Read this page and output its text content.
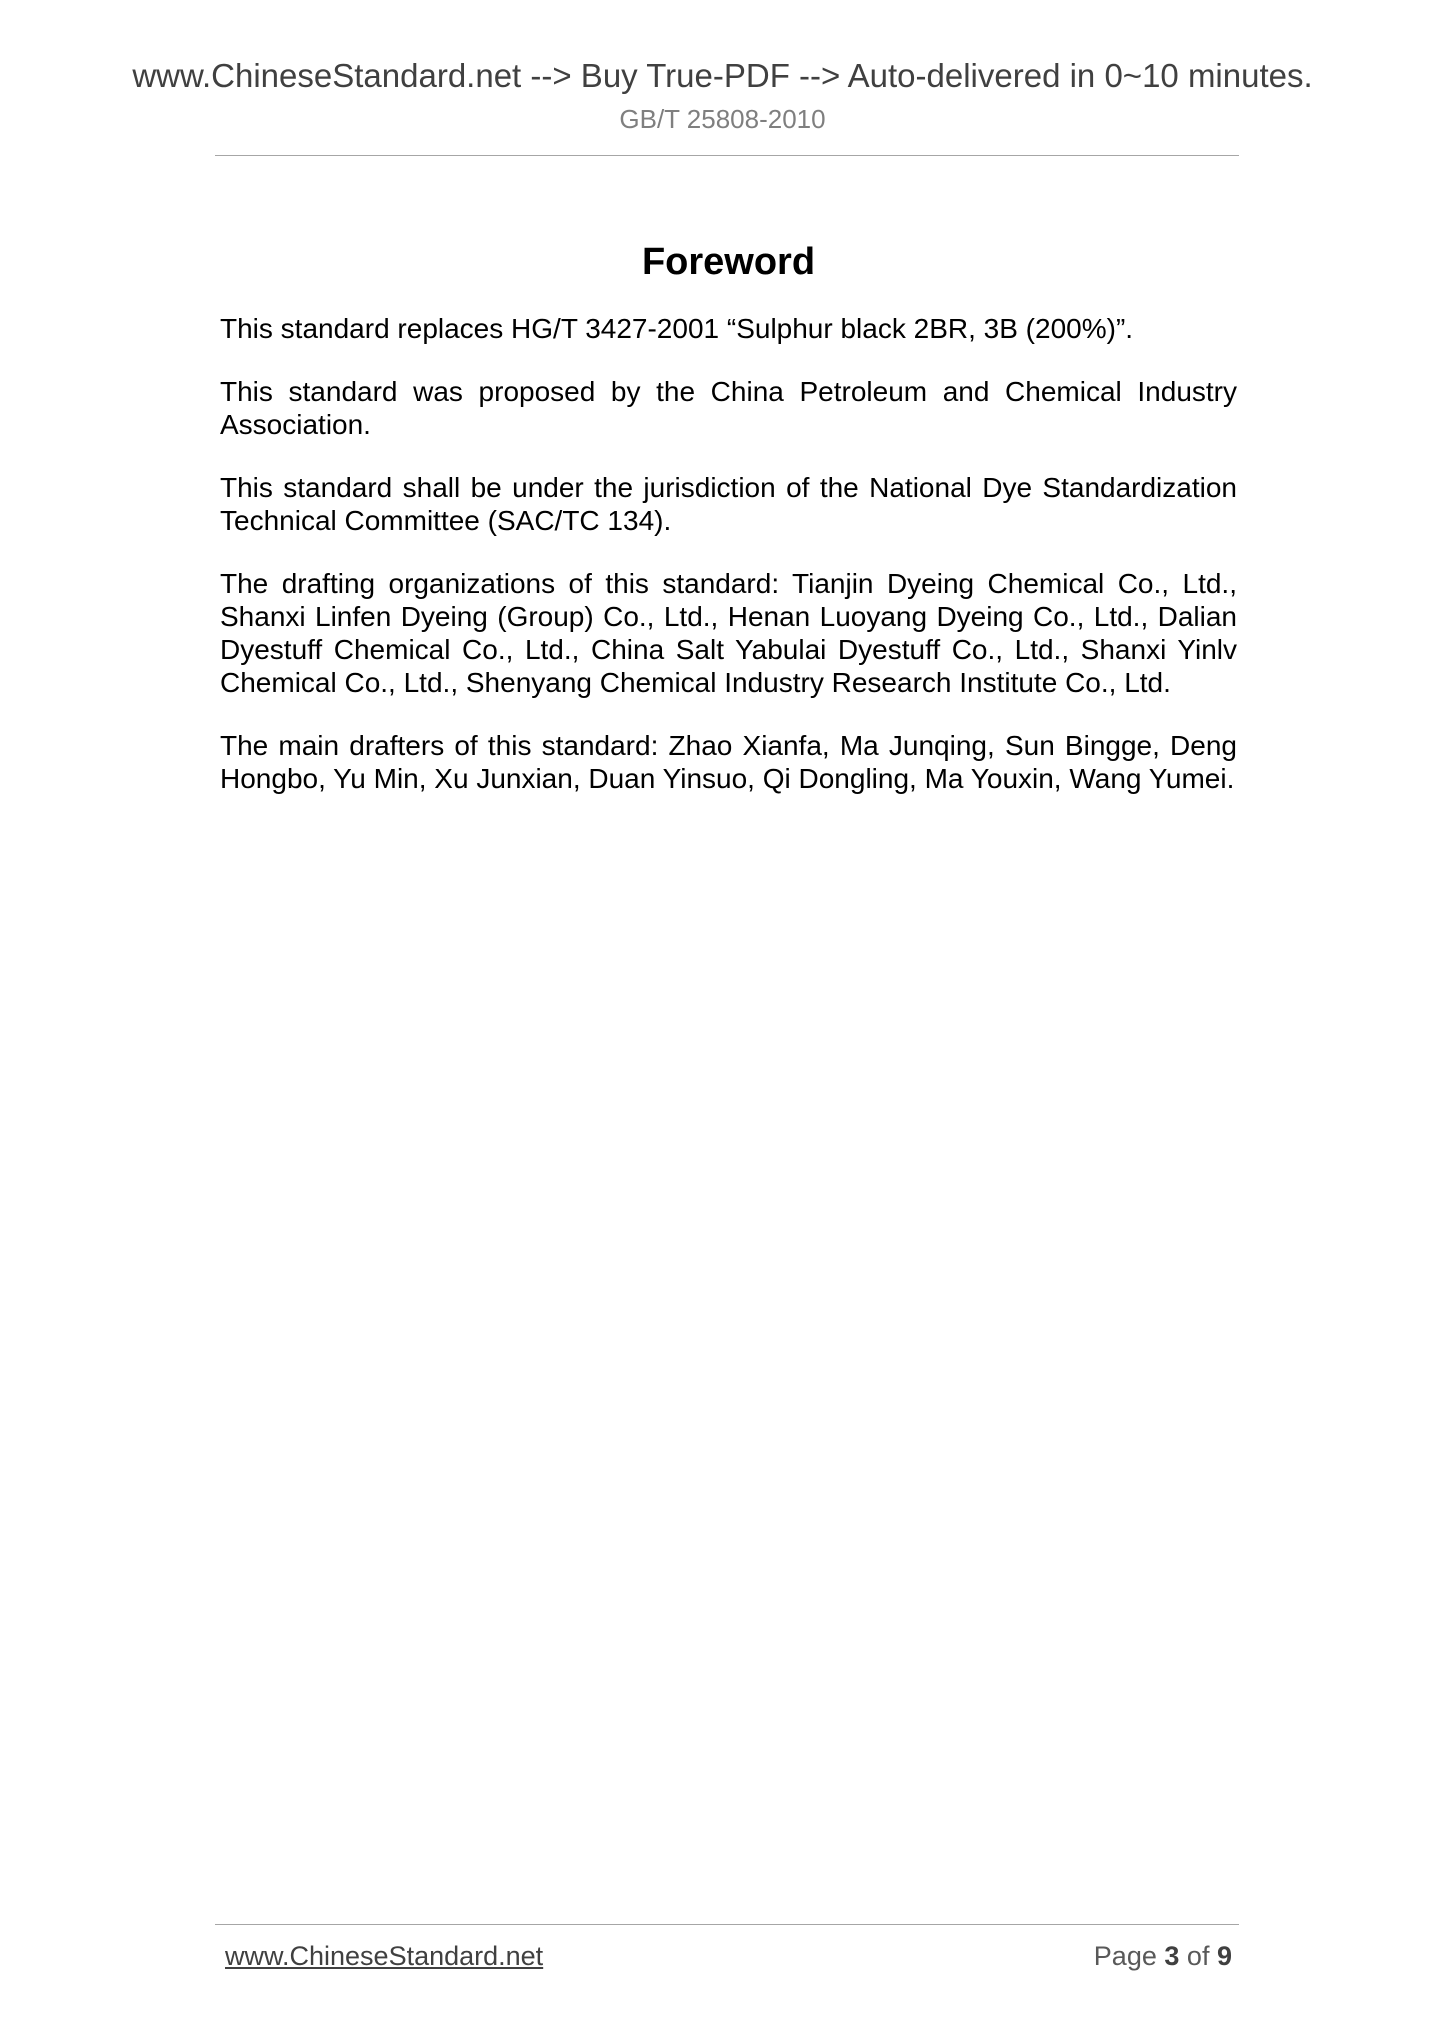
www.ChineseStandard.net --> Buy True-PDF --> Auto-delivered in 0~10 minutes.
GB/T 25808-2010
Foreword

This standard replaces HG/T 3427-2001 “Sulphur black 2BR, 3B (200%)”.

This standard was proposed by the China Petroleum and Chemical Industry Association.

This standard shall be under the jurisdiction of the National Dye Standardization Technical Committee (SAC/TC 134).

The drafting organizations of this standard: Tianjin Dyeing Chemical Co., Ltd., Shanxi Linfen Dyeing (Group) Co., Ltd., Henan Luoyang Dyeing Co., Ltd., Dalian Dyestuff Chemical Co., Ltd., China Salt Yabulai Dyestuff Co., Ltd., Shanxi Yinlv Chemical Co., Ltd., Shenyang Chemical Industry Research Institute Co., Ltd.

The main drafters of this standard: Zhao Xianfa, Ma Junqing, Sun Bingge, Deng Hongbo, Yu Min, Xu Junxian, Duan Yinsuo, Qi Dongling, Ma Youxin, Wang Yumei.

www.ChineseStandard.net	Page 3 of 9
